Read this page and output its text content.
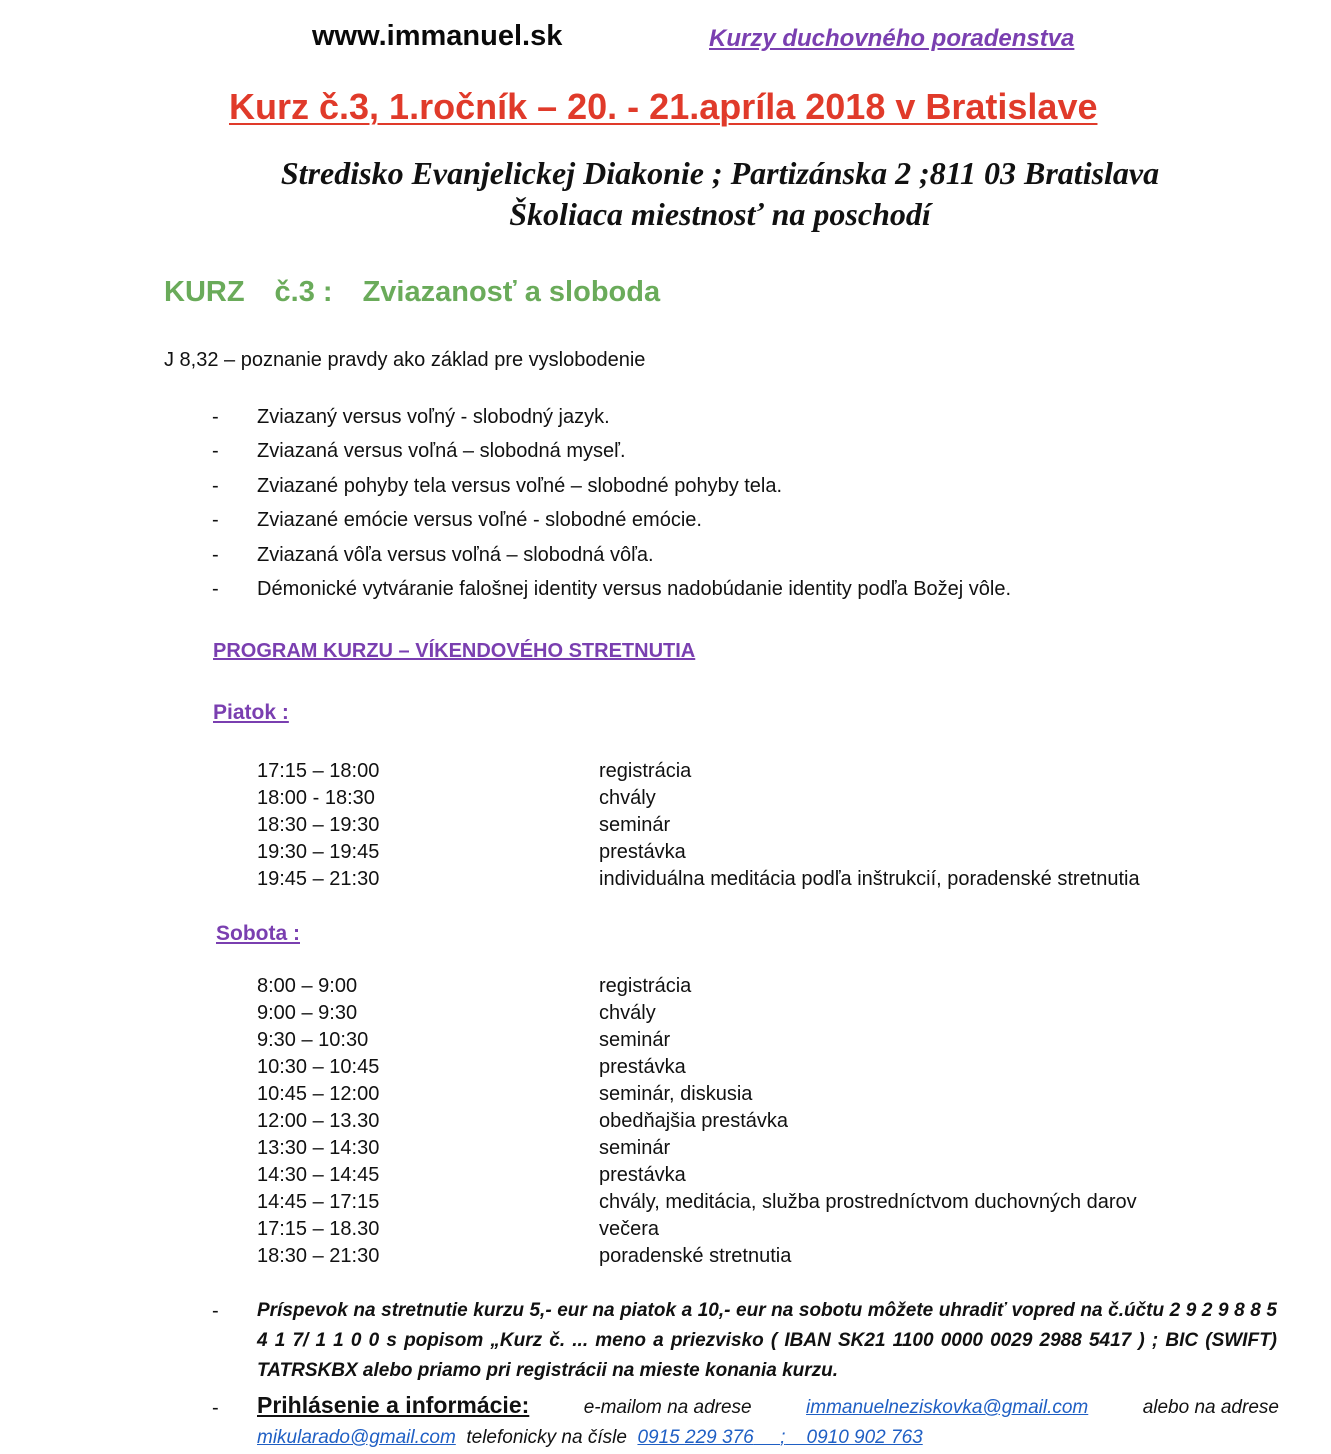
www.immanuel.sk	Kurzy duchovného poradenstva
Kurz č.3, 1.ročník – 20. - 21.apríla 2018 v Bratislave
Stredisko Evanjelickej Diakonie ; Partizánska 2 ;811 03 Bratislava
Školiaca miestnosť na poschodí
KURZ č.3 : Zviazanosť a sloboda
J 8,32 – poznanie pravdy ako základ pre vyslobodenie
- Zviazaný versus voľný - slobodný jazyk.
- Zviazaná versus voľná – slobodná myseľ.
- Zviazané pohyby tela versus voľné – slobodné pohyby tela.
- Zviazané emócie versus voľné - slobodné emócie.
- Zviazaná vôľa versus voľná – slobodná vôľa.
- Démonické vytváranie falošnej identity versus nadobúdanie identity podľa Božej vôle.
PROGRAM KURZU – VÍKENDOVÉHO STRETNUTIA
Piatok :
17:15 – 18:00	registrácia
18:00 - 18:30	chvály
18:30 – 19:30	seminár
19:30 – 19:45	prestávka
19:45 – 21:30	individuálna meditácia podľa inštrukcií, poradenské stretnutia
Sobota :
8:00 – 9:00	registrácia
9:00 – 9:30	chvály
9:30 – 10:30	seminár
10:30 – 10:45	prestávka
10:45 – 12:00	seminár, diskusia
12:00 – 13.30	obedňajšia prestávka
13:30 – 14:30	seminár
14:30 – 14:45	prestávka
14:45 – 17:15	chvály, meditácia, služba prostredníctvom duchovných darov
17:15 – 18.30	večera
18:30 – 21:30	poradenské stretnutia
- Príspevok na stretnutie kurzu 5,- eur na piatok a 10,- eur na sobotu môžete uhradiť vopred na č.účtu 2 9 2 9 8 8 5 4 1 7/ 1 1 0 0 s popisom „Kurz č. ... meno a priezvisko ( IBAN SK21 1100 0000 0029 2988 5417 ) ; BIC (SWIFT) TATRSKBX alebo priamo pri registrácii na mieste konania kurzu.
- Prihlásenie a informácie:	e-mailom na adrese	immanuelneziskovka@gmail.com	alebo na adrese
mikularado@gmail.com telefonicky na čísle 0915 229 376 ; 0910 902 763
